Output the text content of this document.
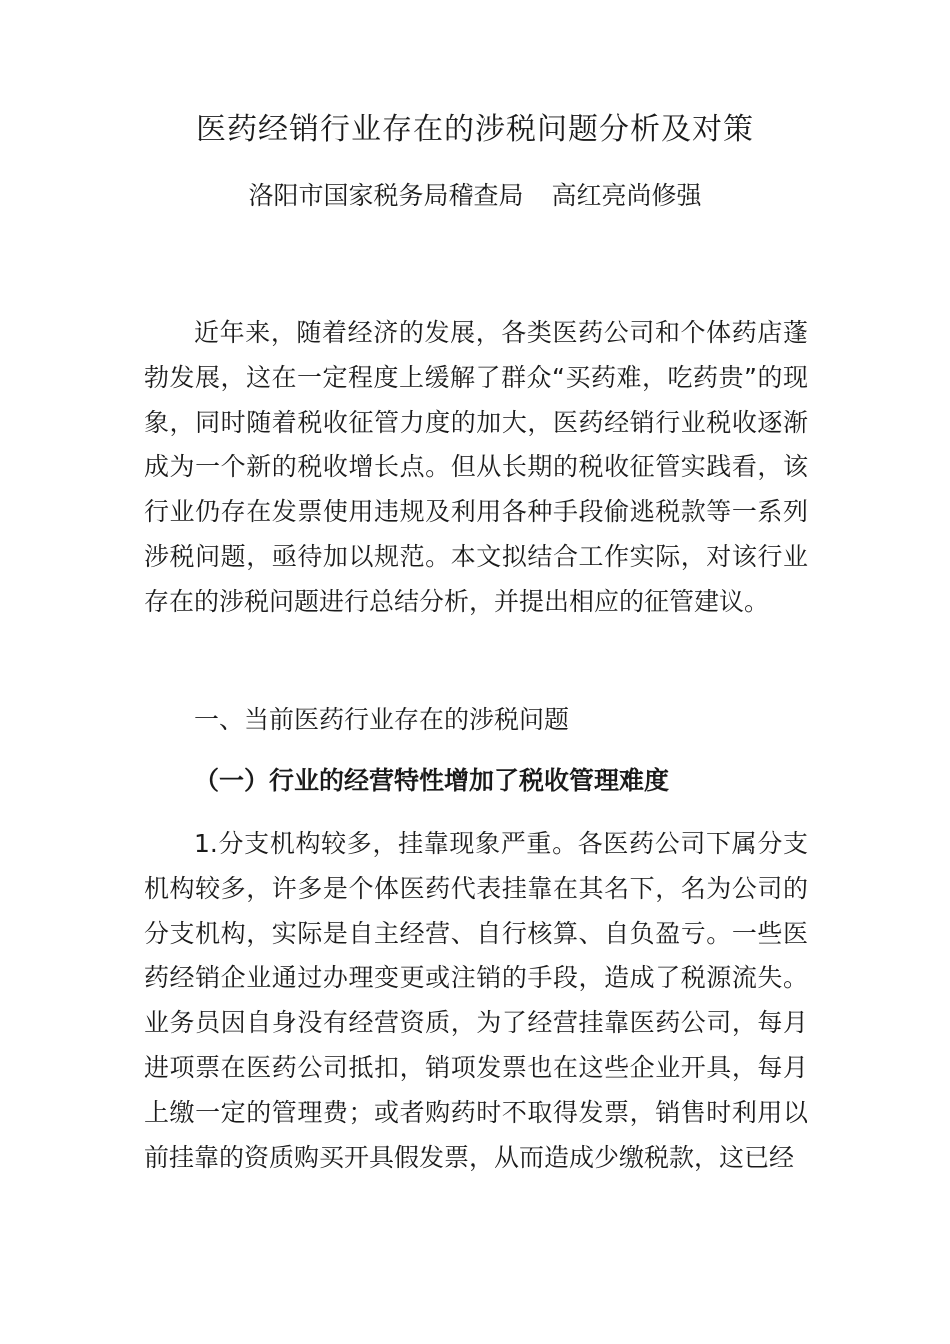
医药经销行业存在的涉税问题分析及对策

洛阳市国家税务局稽查局 高红亮尚修强

近年来，随着经济的发展，各类医药公司和个体药店蓬勃发展，这在一定程度上缓解了群众“买药难，吃药贵”的现象，同时随着税收征管力度的加大，医药经销行业税收逐渐成为一个新的税收增长点。但从长期的税收征管实践看，该行业仍存在发票使用违规及利用各种手段偷逃税款等一系列涉税问题，亟待加以规范。本文拟结合工作实际，对该行业存在的涉税问题进行总结分析，并提出相应的征管建议。

一、当前医药行业存在的涉税问题

（一）行业的经营特性增加了税收管理难度

1.分支机构较多，挂靠现象严重。各医药公司下属分支机构较多，许多是个体医药代表挂靠在其名下，名为公司的分支机构，实际是自主经营、自行核算、自负盈亏。一些医药经销企业通过办理变更或注销的手段，造成了税源流失。业务员因自身没有经营资质，为了经营挂靠医药公司，每月进项票在医药公司抵扣，销项发票也在这些企业开具，每月上缴一定的管理费；或者购药时不取得发票，销售时利用以前挂靠的资质购买开具假发票，从而造成少缴税款，这已经
